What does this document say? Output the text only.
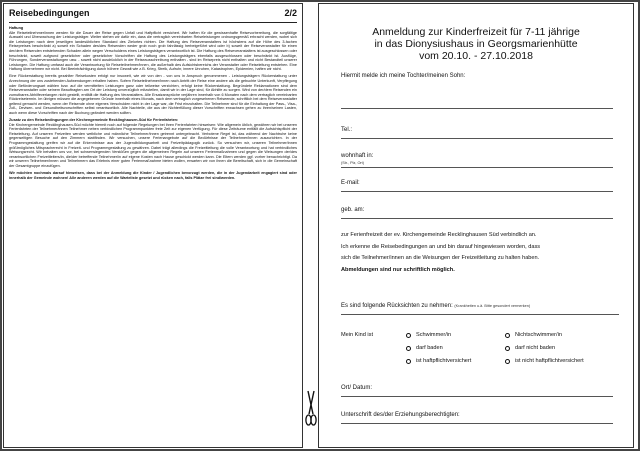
Reisebedingungen	2/2
Haftung

Alle Reiseteilnehmer/innen werden für die Dauer der Reise gegen Unfall und Haftpflicht versichert. Wir haften für die gewissenhafte Reisevorbereitung, die sorgfältige Auswahl und Überwachung der Leistungsträger. Weiter stehen wir dafür ein, dass die vertraglich vereinbarten Reiseleistungen ordnungsgemäß erbracht werden, wobei sich die Leistungen nach dem jeweiligen landesüblichen Standard des Zielortes richten. Die Haftung des Reiseveranstalters ist höchstens auf die Höhe des 3-fachen Reisepreises beschränkt a) soweit ein Schaden des/des Reisenden weder grob noch grob fahrlässig herbeigeführt wird oder b) soweit der Reiseveranstalter für einen der/dem Reisenden entstehenden Schaden allein wegen Verschuldens eines Leistungsträgers verantwortlich ist. Die Haftung des Reiseveranstalters ist ausgeschlossen oder beschränkt, soweit aufgrund gesetzlicher oder gesetzlicher Vorschriften die Haftung des Leistungsträgers ebenfalls ausgeschlossen oder beschränkt ist. Ausflüge, Führungen, Sonderveranstaltungen usw. - soweit nicht ausdrücklich in der Reiseausschreibung enthalten - sind im Reisepreis nicht enthalten und nicht Bestandteil unserer Leistungen. Die Haftung umfasst auch die Verantwortung für Reiseteilnehmer/innen, die außerhalb des Aufsichtsbereichs der Veranstalter oder Reiseleitung entstehen. Eine Haftung übernehmen wir nicht. Bei Beeinträchtigung durch höhere Gewalt wie z.B. Krieg, Streik, Aufruhr, innere Unruhen, Katastrophen, Epidemien, haften wir nicht.

Eine Rückerstattung bereits gezahlter Reisekosten erfolgt nur insoweit, wie wir von den - von uns in Anspruch genommenen - Leistungsträgern Rückerstattung unter Anrechnung der uns zustehenden Aufwendungen erhalten haben. Sofern Reiseteilnehmer/innen nach Antritt der Reise eine andere als die gebuchte Unterkunft, Verpflegung oder Beförderungsart wählen bzw. auf die vermittelten Leistungen ganz oder teilweise verzichten, erfolgt keine Rückerstattung. Begründete Reklamationen sind dem Reiseveranstalter oder seinem Beauftragten am Ort der Leistung unverzüglich mitzuteilen, damit wir in der Lage sind, für Abhilfe zu sorgen. Wird von der/dem Reisenden ein zumutbares Abhilfeverlangen nicht gestellt, entfällt die Haftung des Veranstalters. Alle Ersatzansprüche verjähren innerhalb von 6 Monaten nach dem vertraglich vereinbarten Rückreisetermin. Im übrigen müssen die angegebenen Gründe innerhalb eines Monats, nach dem vertraglich vorgesehenen Reiseende, schriftlich bei dem Reiseveranstalter geltend gemacht werden, wenn der Reisende ohne eigenes Verschulden nicht in der Lage war, die Frist einzuhalten. Die Teilnehmer sind für die Einhaltung der Pass-, Visa-, Zoll-, Devisen- und Gesundheitsvorschriften selbst verantwortlich. Alle Nachteile, die aus der Nichterfüllung dieser Vorschriften erwachsen gehen zu ihren/seinen Lasten, auch wenn diese Vorschriften nach der Buchung geändert werden sollten.

Zusatz zu den Reisebedingungen der Kirchengemeinde Recklinghausen-Süd für Ferienfahrten:

Die Kirchengemeinde Recklinghausen-Süd möchte hiermit noch auf folgende Regelungen bei ihren Ferienfahrten hinweisen: Wie allgemein üblich, gewähren wir bei unseren Ferienfahrten der Teilnehmer/innen Teilnehmer neben verbindlichen Programmpunkten freie Zeit zur eigenen Verfügung. Für diese Zeiträume entfällt die Aufsichtspflicht der Reiseleitung. Auf unseren Freizeiten werden weibliche und männliche Teilnehmer/innen getrennt untergebracht. Verbotene Regel ist, das während der Nachtruhe keine gegenseitigen Besuche auf den Zimmern stattfinden. Wir versuchen, unsere Ferienangebote auf die Bedürfnisse der Teilnehmer/innen auszurichten. In der Programmgestaltung greifen wir auf die Erkenntnisse aus der Jugendbildungsarbeit und Freizeitpädagogik zurück. So versuchen wir, unseren Teilnehmer/innen größtmögliches Mitspracherecht in Freizeit- und Programmgestaltung zu gewähren. Dabei trägt allerdings die Freizeitleitung die volle Verantwortung und hat verbindliches Weisungsrecht. Wir behalten uns vor, bei schwerwiegenden Verstößen gegen die allgemeinen Regeln auf unseren Ferienmaßnahmen und gegen die Weisungen der/des verantwortlichen Freizeitleiters/in, die/der betreffende Teilnehmer/in auf eigene Kosten nach Hause geschickt werden kann. Die Eltern werden ggf. vorher benachrichtigt. Da wir unseren Teilnehmer/innen und Teilnehmern das Erlebnis einer guten Ferienmaßnahme bieten wollen, erwarten wir von ihnen die Bereitschaft, sich in die Gemeinschaft der Gesamtgruppe einzufügen.

Wir möchten nochmals darauf hinweisen, dass bei der Anmeldung die Kinder / Jugendlichen bevorzugt werden, die in der Jugendarbeit engagiert sind oder innerhalb der Gemeinde wohnen! Alle anderen werden auf die Warteliste gesetzt und rücken nach, falls Plätze frei sind/werden.

Anmeldung zur Kinderfreizeit für 7-11 jährige
in das Dionysiushaus in Georgsmarienhütte
vom 20.10. - 27.10.2018
Hiermit melde ich meine Tochter/meinen Sohn:
Tel.:
wohnhaft in:
(Str., Plz, Ort)
E-mail:
geb. am:
zur Ferienfreizeit der ev. Kirchengemeinde Recklinghausen Süd verbindlich an.
Ich erkenne die Reisebedingungen an und bin darauf hingewiesen worden, dass
sich die Teilnehmer/innen an die Weisungen der Freizeitleitung zu halten haben.
Abmeldungen sind nur schriftlich möglich.
Es sind folgende Rücksichten zu nehmen: (Krankheiten u.ä. Bitte gesondert vermerken)
Mein Kind ist	Schwimmer/in
darf baden
ist haftpflichtversichert
Nichtschwimmer/in
darf nicht baden
ist nicht haftpflichtversichert
Ort/ Datum:
Unterschrift des/der Erziehungsberechtigten:
